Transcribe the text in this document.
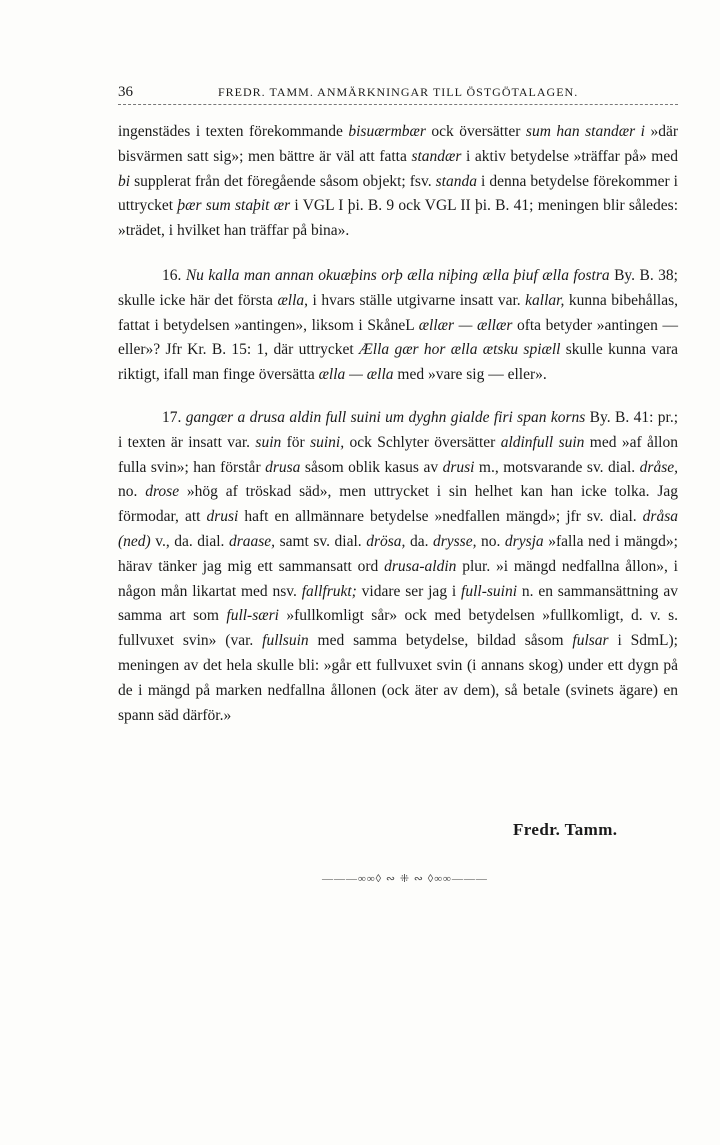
36	FREDR. TAMM. ANMÄRKNINGAR TILL ÖSTGÖTALAGEN.

ingenstädes i texten förekommande bisuærmbær ock översätter sum han standær i »där bisvärmen satt sig»; men bättre är väl att fatta standær i aktiv betydelse »träffar på» med bi supplerat från det föregående såsom objekt; fsv. standa i denna betydelse förekommer i uttrycket þær sum staþit ær i VGL I þi. B. 9 ock VGL II þi. B. 41; meningen blir således: »trädet, i hvilket han träffar på bina».

16. Nu kalla man annan okuæþins orþ ælla niþing ælla þiuf ælla fostra By. B. 38; skulle icke här det första ælla, i hvars ställe utgivarne insatt var. kallar, kunna bibehållas, fattat i betydelsen »antingen», liksom i SkåneL ællær — ællær ofta betyder »antingen — eller»? Jfr Kr. B. 15: 1, där uttrycket Ælla gær hor ælla ætsku spiæll skulle kunna vara riktigt, ifall man finge översätta ælla — ælla med »vare sig — eller».

17. gangær a drusa aldin full suini um dyghn gialde firi span korns By. B. 41: pr.; i texten är insatt var. suin för suini, ock Schlyter översätter aldinfull suin med »af ållon fulla svin»; han förstår drusa såsom oblik kasus av drusi m., motsvarande sv. dial. dråse, no. drose »hög af tröskad säd», men uttrycket i sin helhet kan han icke tolka. Jag förmodar, att drusi haft en allmännare betydelse »nedfallen mängd»; jfr sv. dial. dråsa (ned) v., da. dial. draase, samt sv. dial. drösa, da. drysse, no. drysja »falla ned i mängd»; härav tänker jag mig ett sammansatt ord drusa-aldin plur. »i mängd nedfallna ållon», i någon mån likartat med nsv. fallfrukt; vidare ser jag i full-suini n. en sammansättning av samma art som full-særi »fullkomligt sår» ock med betydelsen »fullkomligt, d. v. s. fullvuxet svin» (var. fullsuin med samma betydelse, bildad såsom fulsar i SdmL); meningen av det hela skulle bli: »går ett fullvuxet svin (i annans skog) under ett dygn på de i mängd på marken nedfallna ållonen (ock äter av dem), så betale (svinets ägare) en spann säd därför.»

Fredr. Tamm.
———∞∞◊ ∾ ⁜ ∾ ◊∞∞———
